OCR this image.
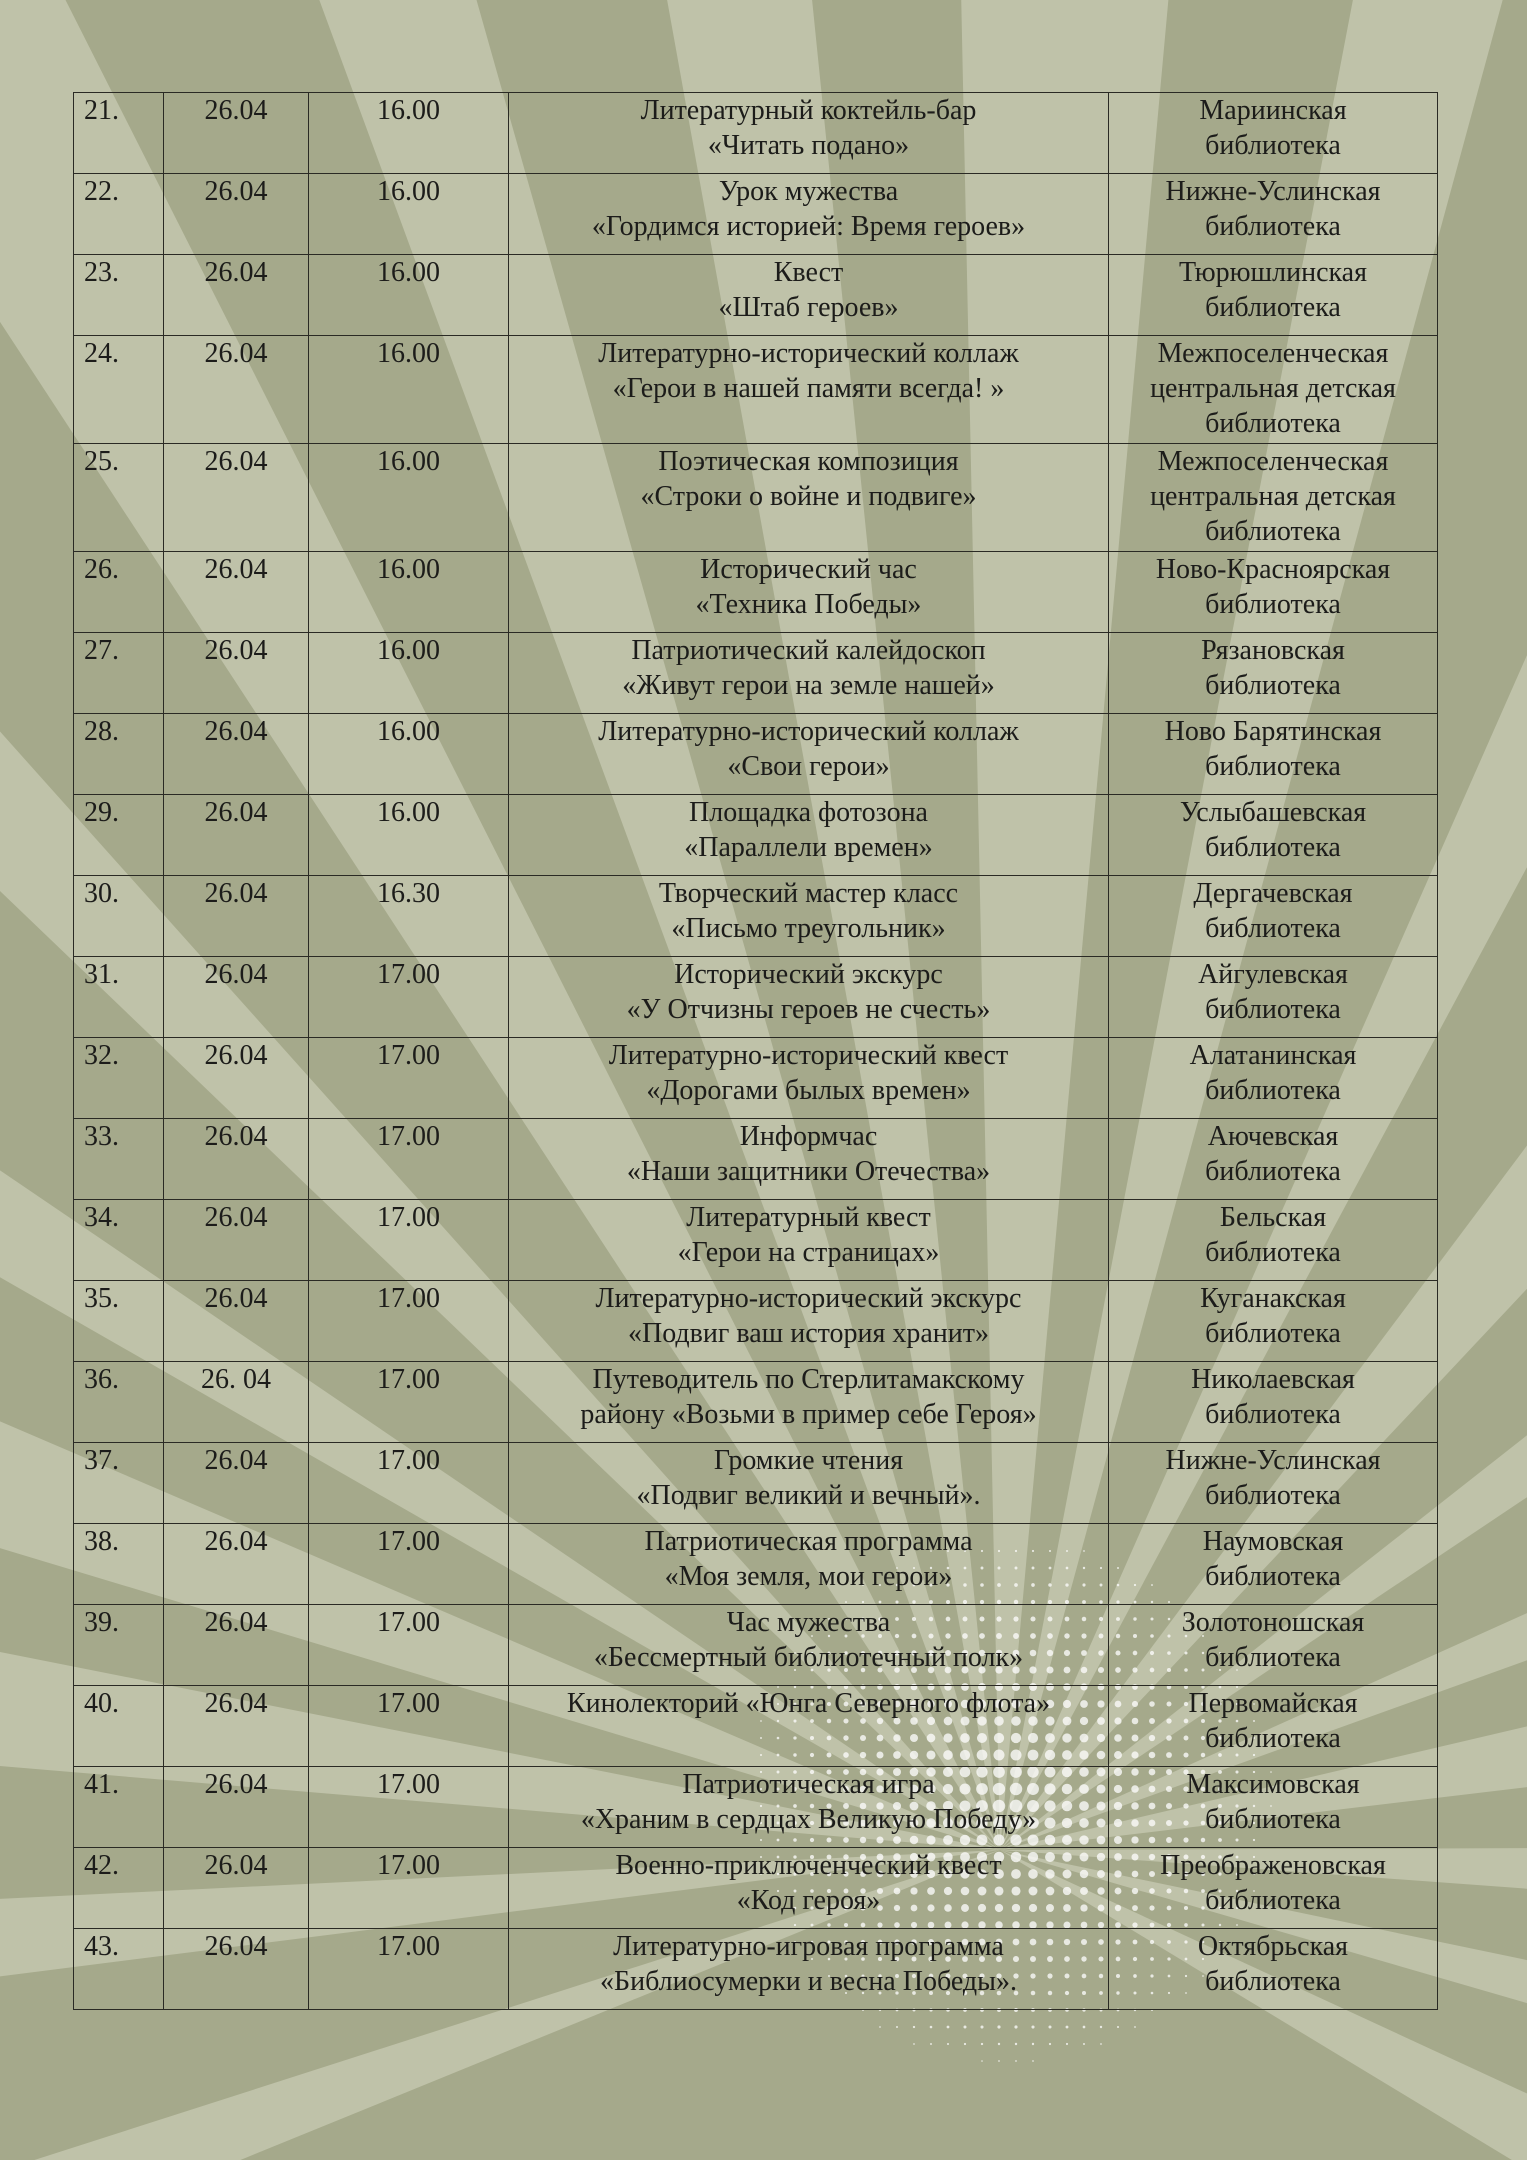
21.	26.04	16.00	Литературный коктейль-бар
«Читать подано»	Мариинская
библиотека

22.	26.04	16.00	Урок мужества
«Гордимся историей: Время героев»	Нижне-Услинская
библиотека

23.	26.04	16.00	Квест
«Штаб героев»	Тюрюшлинская
библиотека

24.	26.04	16.00	Литературно-исторический коллаж
«Герои в нашей памяти всегда! »	Межпоселенческая
центральная детская
библиотека

25.	26.04	16.00	Поэтическая композиция
«Строки о войне и подвиге»	Межпоселенческая
центральная детская
библиотека

26.	26.04	16.00	Исторический час
«Техника Победы»	Ново-Красноярская
библиотека

27.	26.04	16.00	Патриотический калейдоскоп
«Живут герои на земле нашей»	Рязановская
библиотека

28.	26.04	16.00	Литературно-исторический коллаж
«Свои герои»	Ново Барятинская
библиотека

29.	26.04	16.00	Площадка фотозона
«Параллели времен»	Услыбашевская
библиотека

30.	26.04	16.30	Творческий мастер класс
«Письмо треугольник»	Дергачевская
библиотека

31.	26.04	17.00	Исторический экскурс
«У Отчизны героев не счесть»	Айгулевская
библиотека

32.	26.04	17.00	Литературно-исторический квест
«Дорогами былых времен»	Алатанинская
библиотека

33.	26.04	17.00	Информчас
«Наши защитники Отечества»	Аючевская
библиотека

34.	26.04	17.00	Литературный квест
«Герои на страницах»	Бельская
библиотека

35.	26.04	17.00	Литературно-исторический экскурс
«Подвиг ваш история хранит»	Куганакская
библиотека

36.	26. 04	17.00	Путеводитель по Стерлитамакскому
району «Возьми в пример себе Героя»	Николаевская
библиотека

37.	26.04	17.00	Громкие чтения
«Подвиг великий и вечный».	Нижне-Услинская
библиотека

38.	26.04	17.00	Патриотическая программа
«Моя земля, мои герои»	Наумовская
библиотека

39.	26.04	17.00	Час мужества
«Бессмертный библиотечный полк»	Золотоношская
библиотека

40.	26.04	17.00	Кинолекторий «Юнга Северного флота»	Первомайская
библиотека

41.	26.04	17.00	Патриотическая игра
«Храним в сердцах Великую Победу»	Максимовская
библиотека

42.	26.04	17.00	Военно-приключенческий квест
«Код героя»	Преображеновская
библиотека

43.	26.04	17.00	Литературно-игровая программа
«Библиосумерки и весна Победы».	Октябрьская
библиотека
